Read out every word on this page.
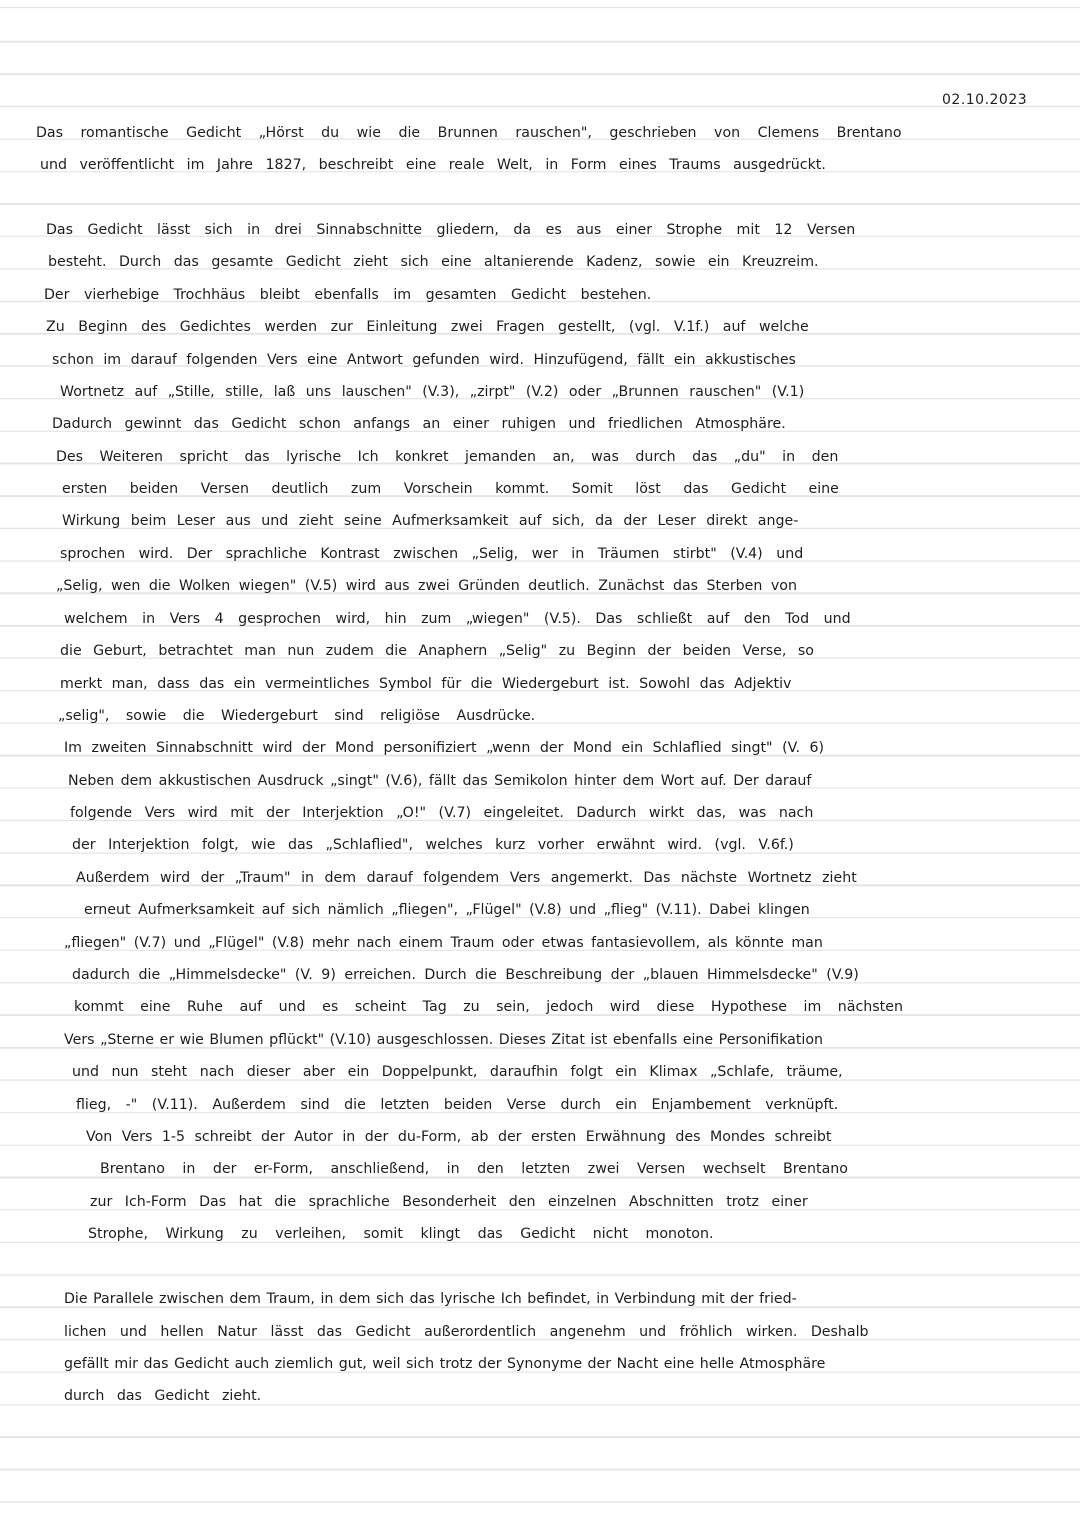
02.10.2023
Das romantische Gedicht „Hörst du wie die Brunnen rauschen", geschrieben von Clemens Brentano
und veröffentlicht im Jahre 1827, beschreibt eine reale Welt, in Form eines Traums ausgedrückt.
Das Gedicht lässt sich in drei Sinnabschnitte gliedern, da es aus einer Strophe mit 12 Versen
besteht. Durch das gesamte Gedicht zieht sich eine altanierende Kadenz, sowie ein Kreuzreim.
Der vierhebige Trochhäus bleibt ebenfalls im gesamten Gedicht bestehen.
Zu Beginn des Gedichtes werden zur Einleitung zwei Fragen gestellt, (vgl. V.1f.) auf welche
schon im darauf folgenden Vers eine Antwort gefunden wird. Hinzufügend, fällt ein akkustisches
Wortnetz auf „Stille, stille, laß uns lauschen" (V.3), „zirpt" (V.2) oder „Brunnen rauschen" (V.1)
Dadurch gewinnt das Gedicht schon anfangs an einer ruhigen und friedlichen Atmosphäre.
Des Weiteren spricht das lyrische Ich konkret jemanden an, was durch das „du" in den
ersten beiden Versen deutlich zum Vorschein kommt. Somit löst das Gedicht eine
Wirkung beim Leser aus und zieht seine Aufmerksamkeit auf sich, da der Leser direkt ange-
sprochen wird. Der sprachliche Kontrast zwischen „Selig, wer in Träumen stirbt" (V.4) und
„Selig, wen die Wolken wiegen" (V.5) wird aus zwei Gründen deutlich. Zunächst das Sterben von
welchem in Vers 4 gesprochen wird, hin zum „wiegen" (V.5). Das schließt auf den Tod und
die Geburt, betrachtet man nun zudem die Anaphern „Selig" zu Beginn der beiden Verse, so
merkt man, dass das ein vermeintliches Symbol für die Wiedergeburt ist. Sowohl das Adjektiv
„selig", sowie die Wiedergeburt sind religiöse Ausdrücke.
Im zweiten Sinnabschnitt wird der Mond personifiziert „wenn der Mond ein Schlaflied singt" (V. 6)
Neben dem akkustischen Ausdruck „singt" (V.6), fällt das Semikolon hinter dem Wort auf. Der darauf
folgende Vers wird mit der Interjektion „O!" (V.7) eingeleitet. Dadurch wirkt das, was nach
der Interjektion folgt, wie das „Schlaflied", welches kurz vorher erwähnt wird. (vgl. V.6f.)
Außerdem wird der „Traum" in dem darauf folgendem Vers angemerkt. Das nächste Wortnetz zieht
erneut Aufmerksamkeit auf sich nämlich „fliegen", „Flügel" (V.8) und „flieg" (V.11). Dabei klingen
„fliegen" (V.7) und „Flügel" (V.8) mehr nach einem Traum oder etwas fantasievollem, als könnte man
dadurch die „Himmelsdecke" (V. 9) erreichen. Durch die Beschreibung der „blauen Himmelsdecke" (V.9)
kommt eine Ruhe auf und es scheint Tag zu sein, jedoch wird diese Hypothese im nächsten
Vers „Sterne er wie Blumen pflückt" (V.10) ausgeschlossen. Dieses Zitat ist ebenfalls eine Personifikation
und nun steht nach dieser aber ein Doppelpunkt, daraufhin folgt ein Klimax „Schlafe, träume,
flieg, -" (V.11). Außerdem sind die letzten beiden Verse durch ein Enjambement verknüpft.
Von Vers 1-5 schreibt der Autor in der du-Form, ab der ersten Erwähnung des Mondes schreibt
Brentano in der er-Form, anschließend, in den letzten zwei Versen wechselt Brentano
zur Ich-Form Das hat die sprachliche Besonderheit den einzelnen Abschnitten trotz einer
Strophe, Wirkung zu verleihen, somit klingt das Gedicht nicht monoton.
Die Parallele zwischen dem Traum, in dem sich das lyrische Ich befindet, in Verbindung mit der fried-
lichen und hellen Natur lässt das Gedicht außerordentlich angenehm und fröhlich wirken. Deshalb
gefällt mir das Gedicht auch ziemlich gut, weil sich trotz der Synonyme der Nacht eine helle Atmosphäre
durch das Gedicht zieht.
